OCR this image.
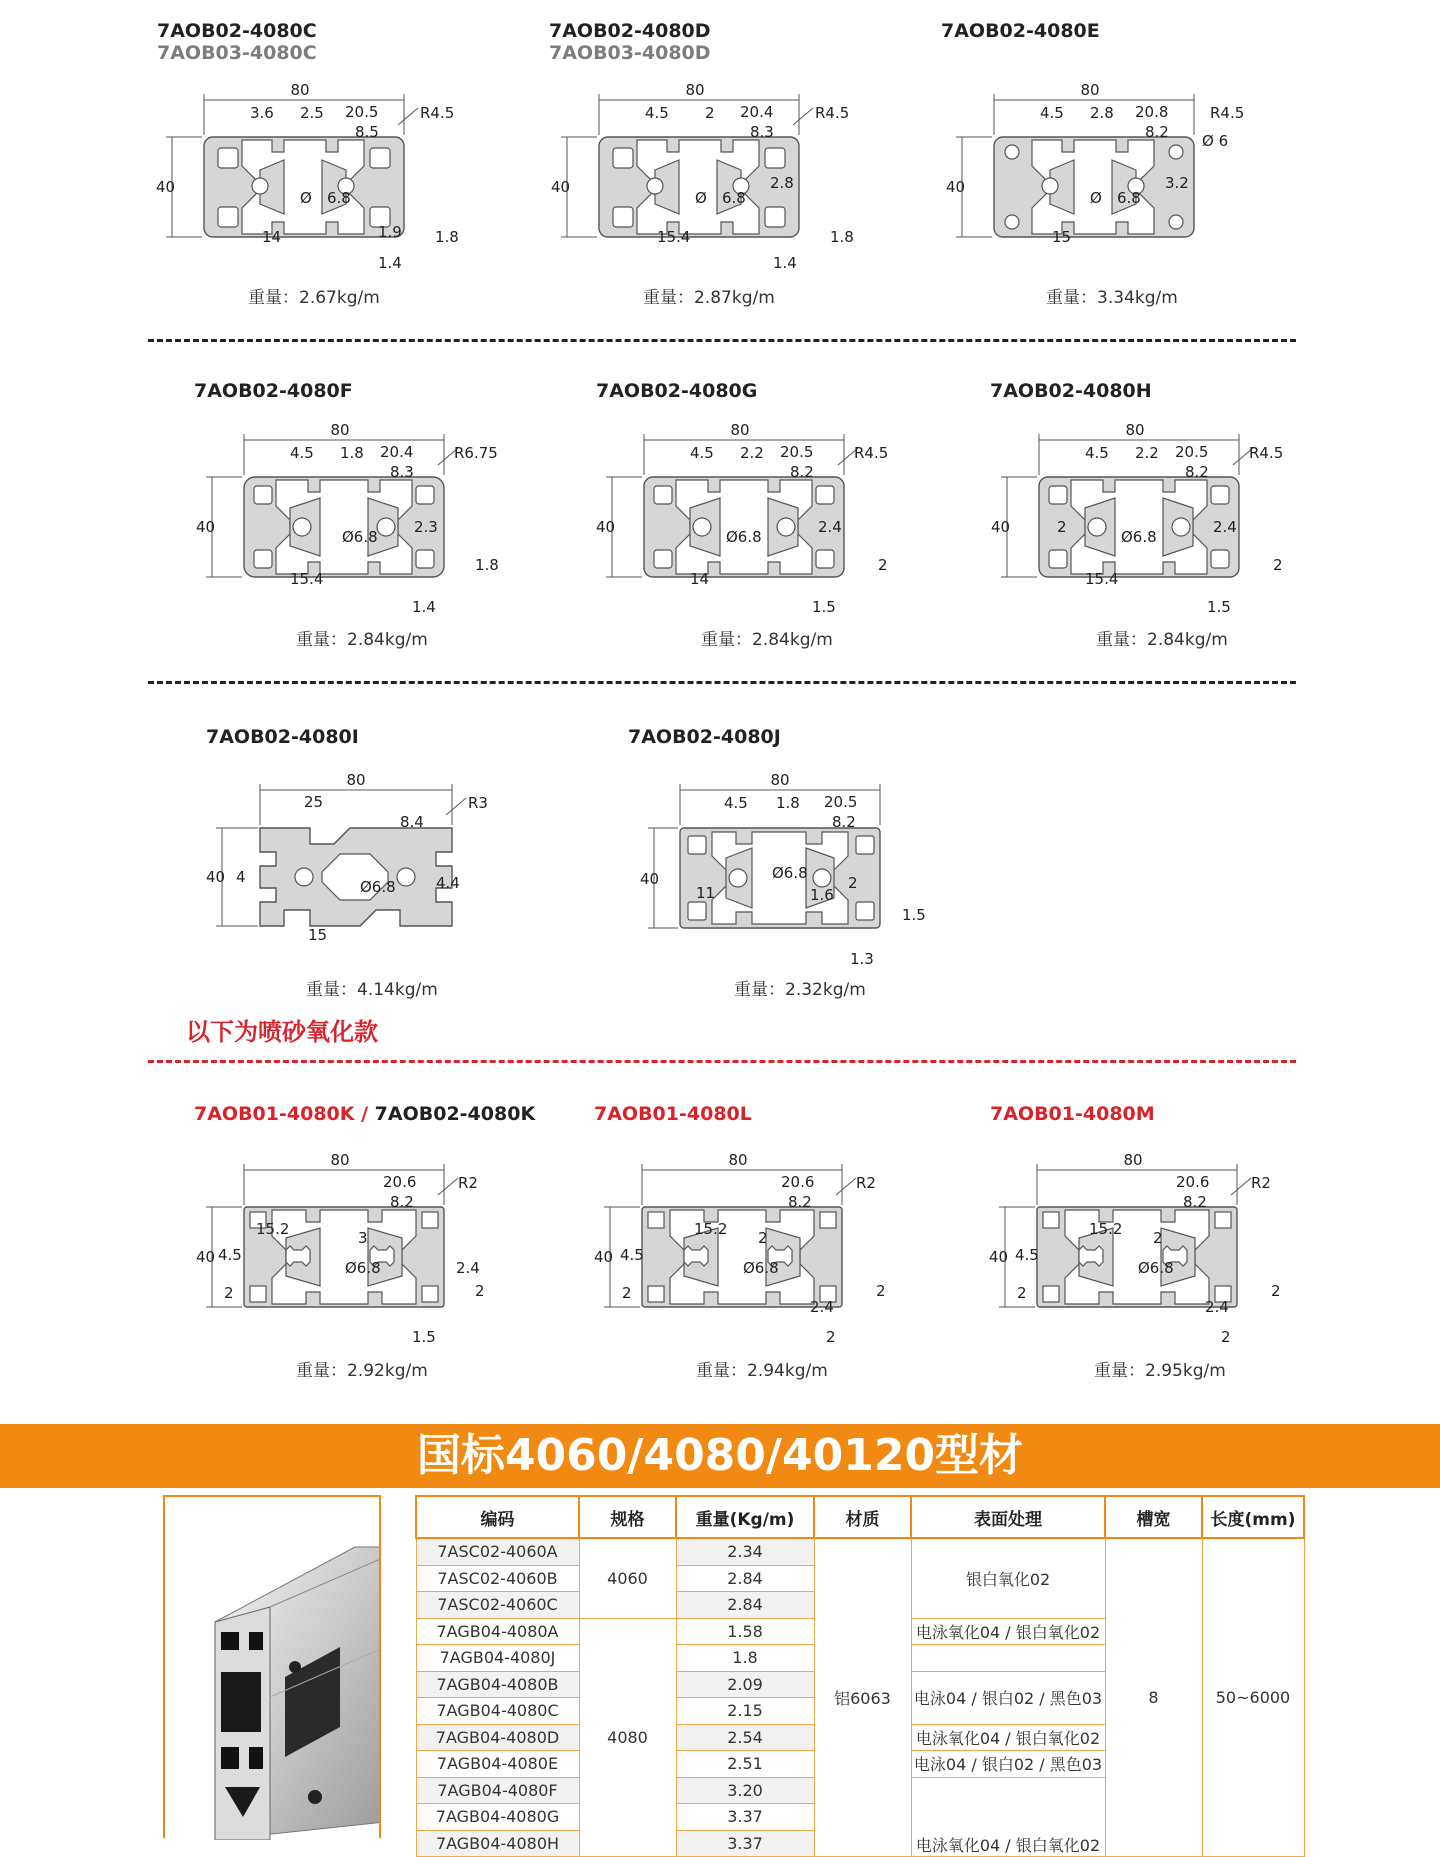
7AOB02-4080C
7AOB03-4080C
7AOB02-4080D
7AOB03-4080D
7AOB02-4080E
80
3.6 2.5 20.5	R4.5
8.5
40
Ø 6.8
14	1.9 1.8
1.4
80
4.5 2 20.4	R4.5
8.3
40
Ø 6.8
2.8
15.4	1.8
1.4
80
4.5 2.8 20.8	R4.5
8.2 Ø 6
40
Ø 6.8
3.2
15
重量：2.67kg/m	重量：2.87kg/m	重量：3.34kg/m
7AOB02-4080F	7AOB02-4080G	7AOB02-4080H
80
4.5 1.8 20.4	R6.75
8.3
40
Ø6.8
2.3
15.4
1.8
1.4
80
4.5 2.2 20.5	R4.5
8.2
40
Ø6.8
2.4
14
2
1.5
80
4.5 2.2 20.5	R4.5
8.2
40	2
Ø6.8
2.4
15.4
2
1.5
重量：2.84kg/m	重量：2.84kg/m	重量：2.84kg/m
7AOB02-4080I	7AOB02-4080J
80
25
8.4
R3
40 4
Ø6.8	4.4
15
80
4.5 1.8 20.5
8.2
40	Ø6.8
11	1.6
2
1.5
1.3
重量：4.14kg/m	重量：2.32kg/m
以下为喷砂氧化款
7AOB01-4080K / 7AOB02-4080K	7AOB01-4080L	7AOB01-4080M
80
20.6	R2
8.2
15.2	3
40 4.5
Ø6.8	2.4
2	2
1.5
80
20.6	R2
8.2
15.2 2
40 4.5
Ø6.8
2
2.4
2
2
80
20.6	R2
8.2
15.2 2
40 4.5
Ø6.8
2
2.4
2
2
重量：2.92kg/m	重量：2.94kg/m	重量：2.95kg/m
国标4060/4080/40120型材
编码	规格	重量(Kg/m)	材质	表面处理	槽宽	长度(mm)
7ASC02-4060A	4060	2.34	铝6063	银白氧化02	8	50~6000
7ASC02-4060B		2.84				
7ASC02-4060C		2.84				
7AGB04-4080A	4080	1.58		电泳氧化04 / 银白氧化02		
7AGB04-4080J		1.8				
7AGB04-4080B		2.09		电泳04 / 银白02 / 黑色03		
7AGB04-4080C		2.15				
7AGB04-4080D		2.54		电泳氧化04 / 银白氧化02		
7AGB04-4080E		2.51		电泳04 / 银白02 / 黑色03		
7AGB04-4080F		3.20		电泳氧化04 / 银白氧化02		
7AGB04-4080G		3.37				
7AGB04-4080H		3.37				
